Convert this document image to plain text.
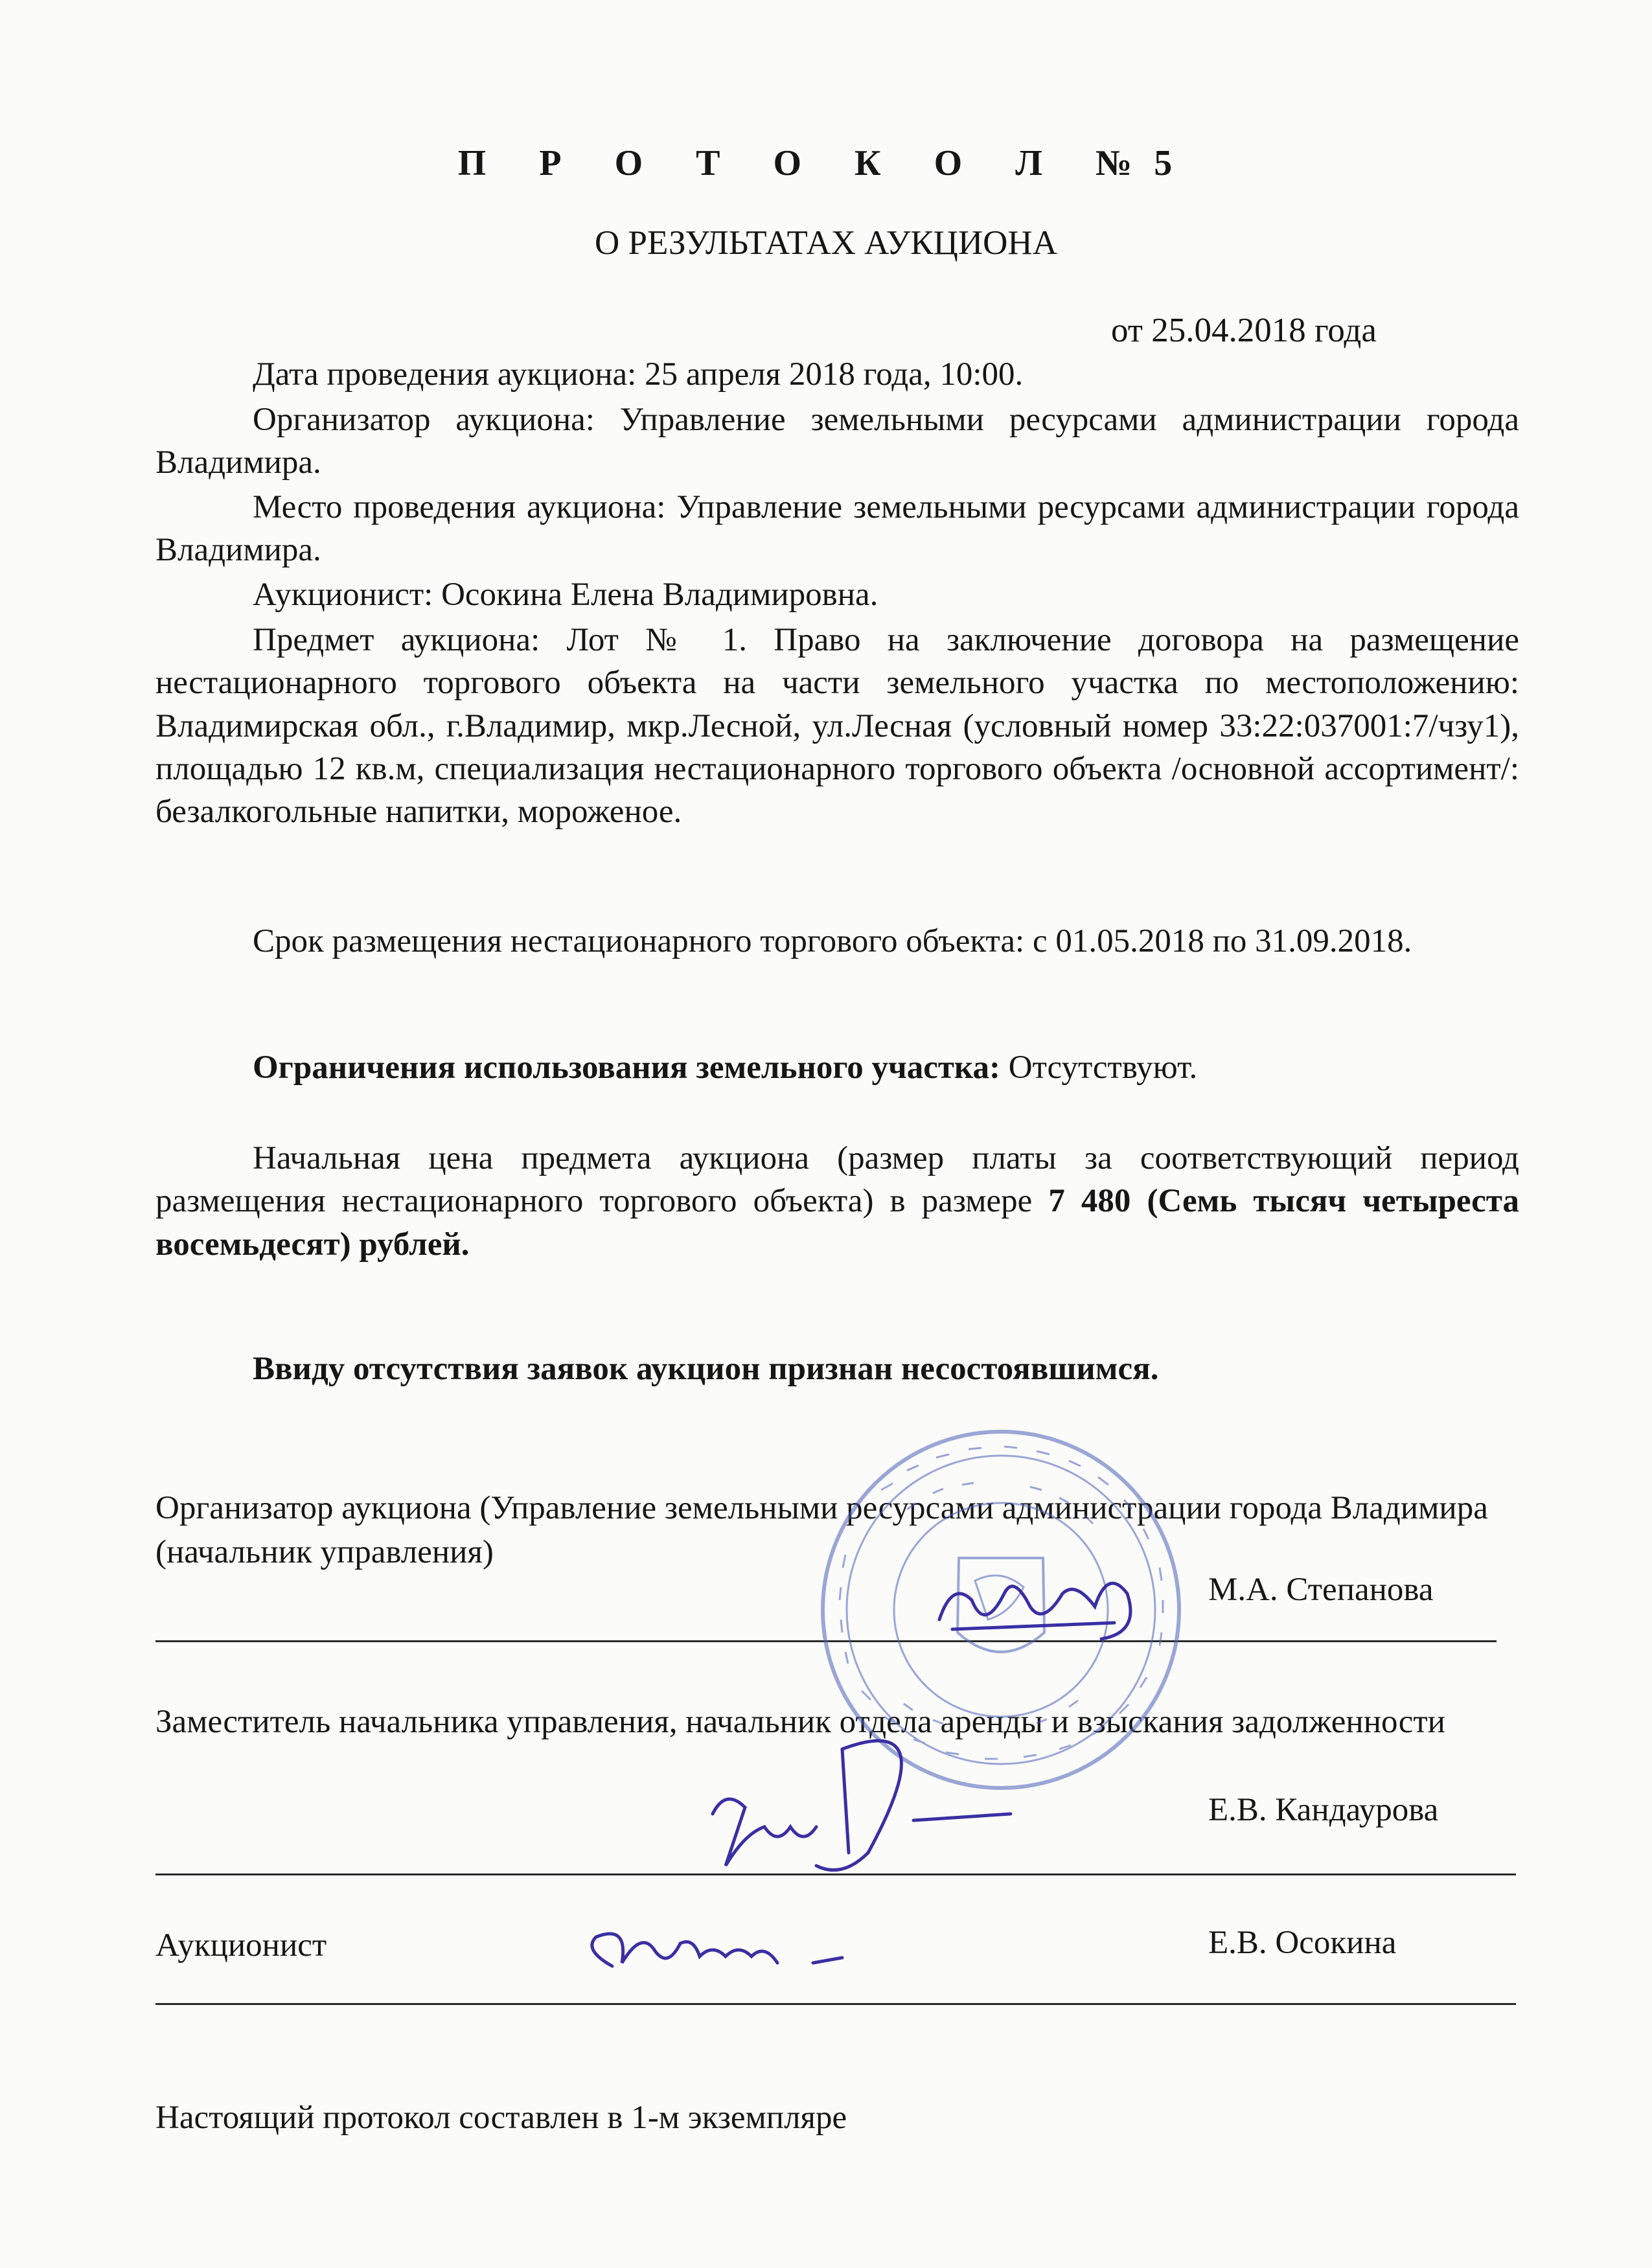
П Р О Т О К О Л №5

О РЕЗУЛЬТАТАХ АУКЦИОНА

от 25.04.2018 года

Дата проведения аукциона: 25 апреля 2018 года, 10:00.

Организатор аукциона: Управление земельными ресурсами администрации города Владимира.

Место проведения аукциона: Управление земельными ресурсами администрации города Владимира.

Аукционист: Осокина Елена Владимировна.

Предмет аукциона: Лот № 1. Право на заключение договора на размещение нестационарного торгового объекта на части земельного участка по местоположению: Владимирская обл., г.Владимир, мкр.Лесной, ул.Лесная (условный номер 33:22:037001:7/чзу1), площадью 12 кв.м, специализация нестационарного торгового объекта /основной ассортимент/: безалкогольные напитки, мороженое.

Срок размещения нестационарного торгового объекта: с 01.05.2018 по 31.09.2018.

Ограничения использования земельного участка: Отсутствуют.

Начальная цена предмета аукциона (размер платы за соответствующий период размещения нестационарного торгового объекта) в размере 7 480 (Семь тысяч четыреста восемьдесят) рублей.

Ввиду отсутствия заявок аукцион признан несостоявшимся.

Организатор аукциона (Управление земельными ресурсами администрации города Владимира (начальник управления)

М.А. Степанова

Заместитель начальника управления, начальник отдела аренды и взыскания задолженности

Е.В. Кандаурова

Аукционист	Е.В. Осокина

Настоящий протокол составлен в 1-м экземпляре
